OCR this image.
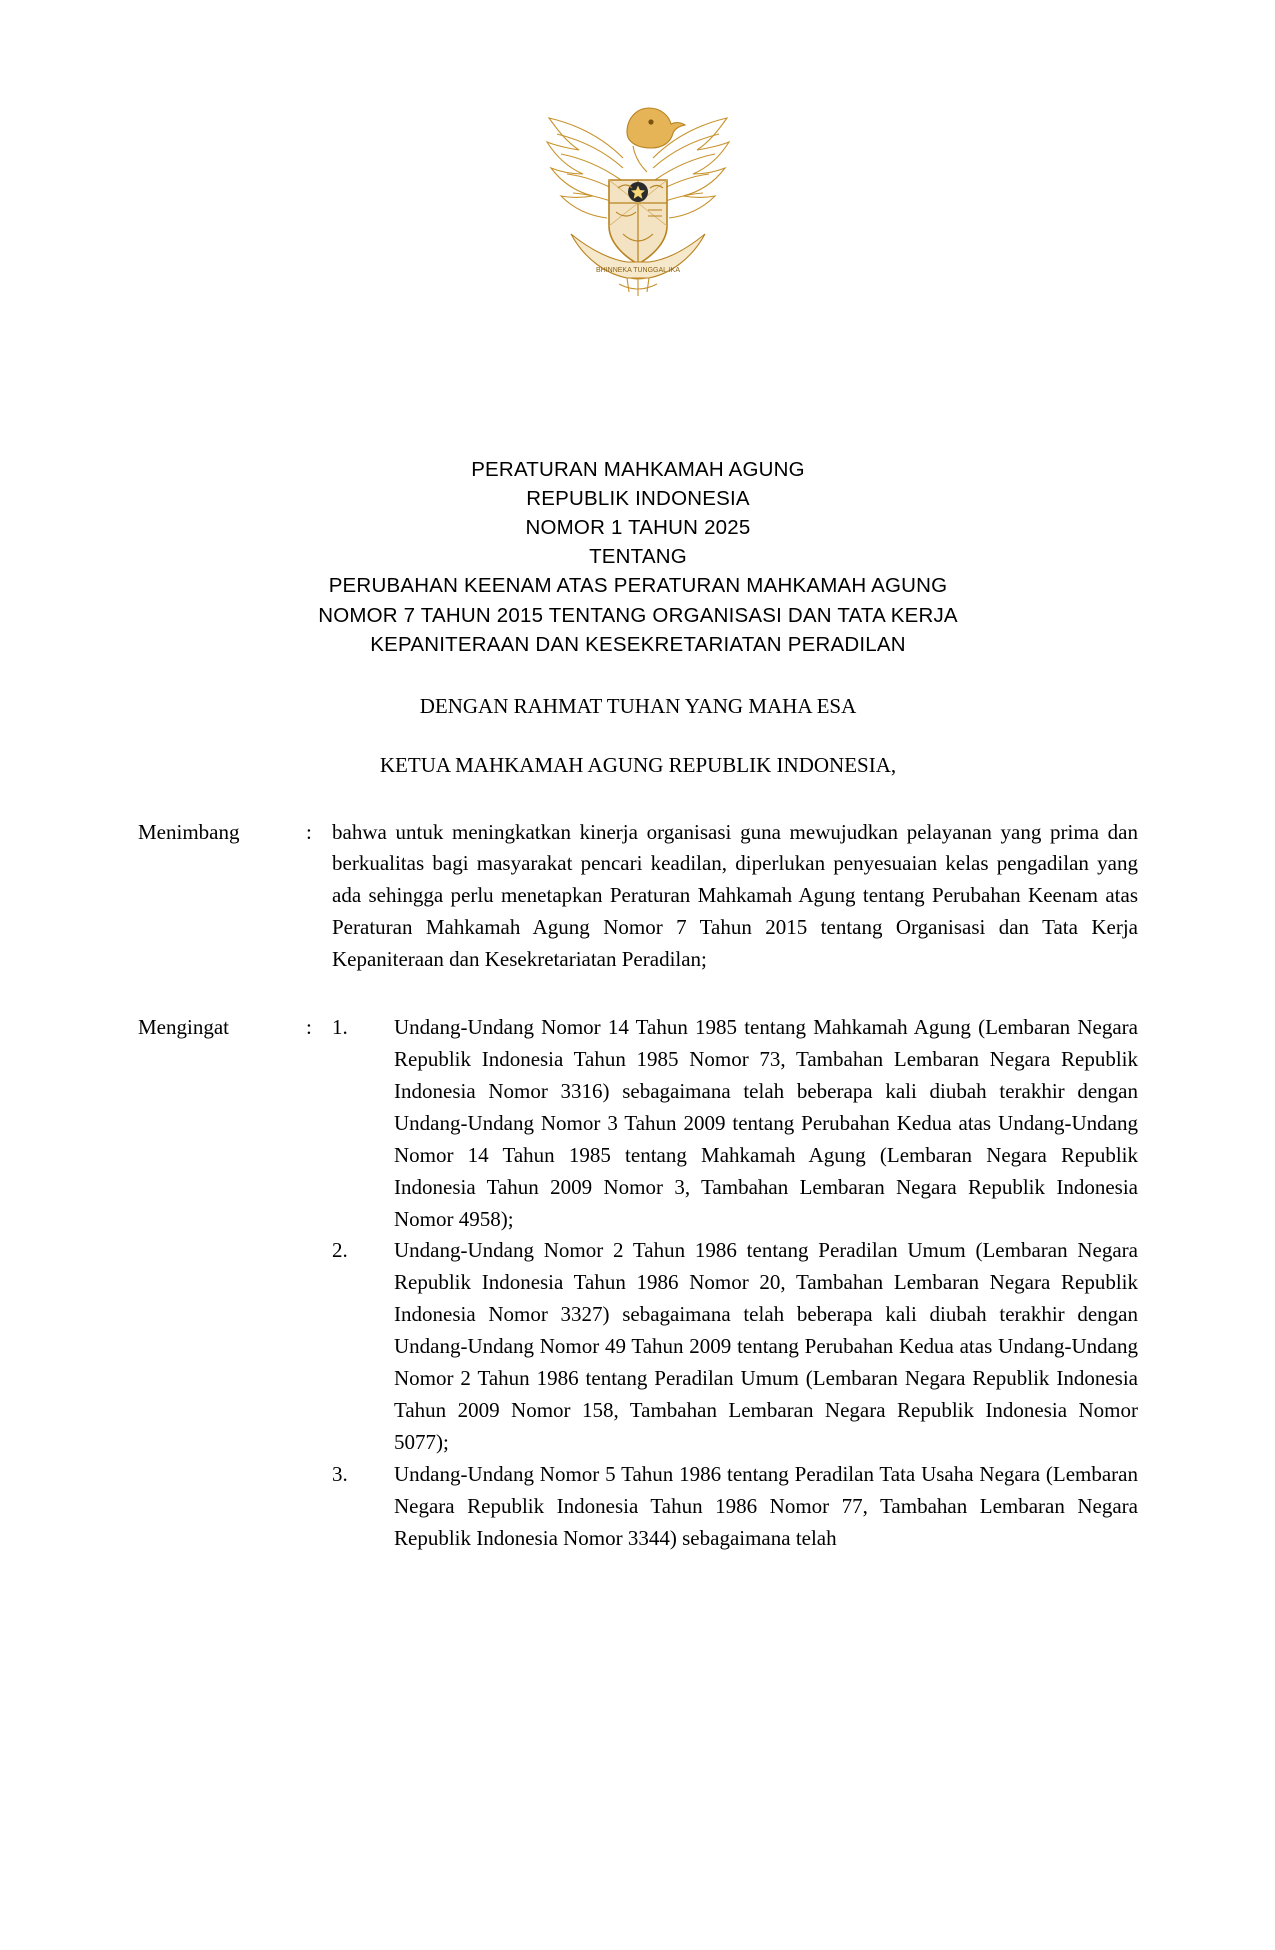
BHINNEKA TUNGGAL IKA
PERATURAN MAHKAMAH AGUNG
REPUBLIK INDONESIA
NOMOR 1 TAHUN 2025
TENTANG
PERUBAHAN KEENAM ATAS PERATURAN MAHKAMAH AGUNG
NOMOR 7 TAHUN 2015 TENTANG ORGANISASI DAN TATA KERJA
KEPANITERAAN DAN KESEKRETARIATAN PERADILAN
DENGAN RAHMAT TUHAN YANG MAHA ESA
KETUA MAHKAMAH AGUNG REPUBLIK INDONESIA,
Menimbang	: bahwa untuk meningkatkan kinerja organisasi guna mewujudkan pelayanan yang prima dan berkualitas bagi masyarakat pencari keadilan, diperlukan penyesuaian kelas pengadilan yang ada sehingga perlu menetapkan Peraturan Mahkamah Agung tentang Perubahan Keenam atas Peraturan Mahkamah Agung Nomor 7 Tahun 2015 tentang Organisasi dan Tata Kerja Kepaniteraan dan Kesekretariatan Peradilan;
Mengingat	: 1.	Undang-Undang Nomor 14 Tahun 1985 tentang Mahkamah Agung (Lembaran Negara Republik Indonesia Tahun 1985 Nomor 73, Tambahan Lembaran Negara Republik Indonesia Nomor 3316) sebagaimana telah beberapa kali diubah terakhir dengan Undang-Undang Nomor 3 Tahun 2009 tentang Perubahan Kedua atas Undang-Undang Nomor 14 Tahun 1985 tentang Mahkamah Agung (Lembaran Negara Republik Indonesia Tahun 2009 Nomor 3, Tambahan Lembaran Negara Republik Indonesia Nomor 4958);
2.	Undang-Undang Nomor 2 Tahun 1986 tentang Peradilan Umum (Lembaran Negara Republik Indonesia Tahun 1986 Nomor 20, Tambahan Lembaran Negara Republik Indonesia Nomor 3327) sebagaimana telah beberapa kali diubah terakhir dengan Undang-Undang Nomor 49 Tahun 2009 tentang Perubahan Kedua atas Undang-Undang Nomor 2 Tahun 1986 tentang Peradilan Umum (Lembaran Negara Republik Indonesia Tahun 2009 Nomor 158, Tambahan Lembaran Negara Republik Indonesia Nomor 5077);
3.	Undang-Undang Nomor 5 Tahun 1986 tentang Peradilan Tata Usaha Negara (Lembaran Negara Republik Indonesia Tahun 1986 Nomor 77, Tambahan Lembaran Negara Republik Indonesia Nomor 3344) sebagaimana telah
